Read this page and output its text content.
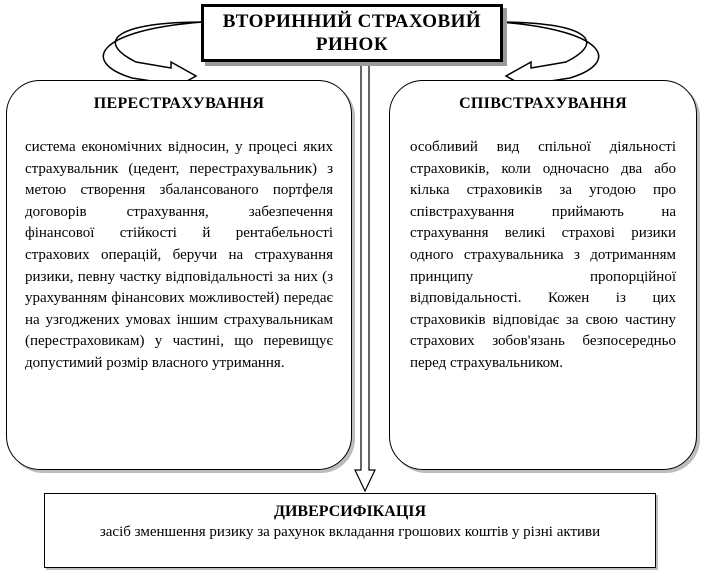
ВТОРИННИЙ СТРАХОВИЙ РИНОК
ПЕРЕСТРАХУВАННЯ
система економічних відносин, у процесі яких страхувальник (цедент, перестрахувальник) з метою створення збалансованого портфеля договорів страхування, забезпечення фінансової стійкості й рентабельності страхових операцій, беручи на страхування ризики, певну частку відповідальності за них (з урахуванням фінансових можливостей) передає на узгоджених умовах іншим страхувальникам (перестраховикам) у частині, що перевищує допустимий розмір власного утримання.
СПІВСТРАХУВАННЯ
особливий вид спільної діяльності страховиків, коли одночасно два або кілька страховиків за угодою про співстрахування приймають на страхування великі страхові ризики одного страхувальника з дотриманням принципу пропорційної відповідальності. Кожен із цих страховиків відповідає за свою частину страхових зобов'язань безпосередньо перед страхувальником.
ДИВЕРСИФІКАЦІЯ
засіб зменшення ризику за рахунок вкладання грошових коштів у різні активи
